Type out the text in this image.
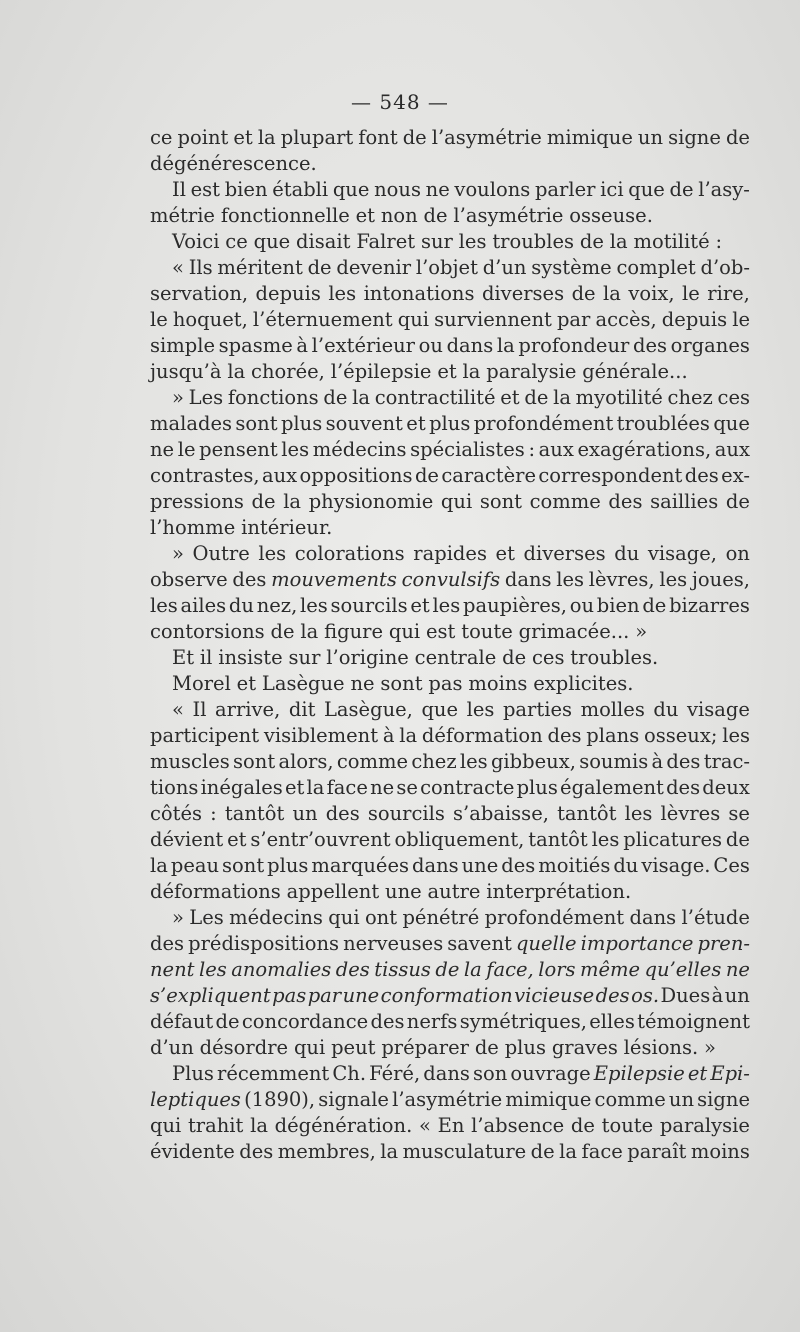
— 548 —
ce point et la plupart font de l’asymétrie mimique un signe de
dégénérescence.
Il est bien établi que nous ne voulons parler ici que de l’asy-
métrie fonctionnelle et non de l’asymétrie osseuse.
Voici ce que disait Falret sur les troubles de la motilité :
« Ils méritent de devenir l’objet d’un système complet d’ob-
servation, depuis les intonations diverses de la voix, le rire,
le hoquet, l’éternuement qui surviennent par accès, depuis le
simple spasme à l’extérieur ou dans la profondeur des organes
jusqu’à la chorée, l’épilepsie et la paralysie générale...
» Les fonctions de la contractilité et de la myotilité chez ces
malades sont plus souvent et plus profondément troublées que
ne le pensent les médecins spécialistes : aux exagérations, aux
contrastes, aux oppositions de caractère correspondent des ex-
pressions de la physionomie qui sont comme des saillies de
l’homme intérieur.
» Outre les colorations rapides et diverses du visage, on
observe des mouvements convulsifs dans les lèvres, les joues,
les ailes du nez, les sourcils et les paupières, ou bien de bizarres
contorsions de la figure qui est toute grimacée... »
Et il insiste sur l’origine centrale de ces troubles.
Morel et Lasègue ne sont pas moins explicites.
« Il arrive, dit Lasègue, que les parties molles du visage
participent visiblement à la déformation des plans osseux; les
muscles sont alors, comme chez les gibbeux, soumis à des trac-
tions inégales et la face ne se contracte plus également des deux
côtés : tantôt un des sourcils s’abaisse, tantôt les lèvres se
dévient et s’entr’ouvrent obliquement, tantôt les plicatures de
la peau sont plus marquées dans une des moitiés du visage. Ces
déformations appellent une autre interprétation.
» Les médecins qui ont pénétré profondément dans l’étude
des prédispositions nerveuses savent quelle importance pren-
nent les anomalies des tissus de la face, lors même qu’elles ne
s’expliquent pas par une conformation vicieuse des os. Dues à un
défaut de concordance des nerfs symétriques, elles témoignent
d’un désordre qui peut préparer de plus graves lésions. »
Plus récemment Ch. Féré, dans son ouvrage Epilepsie et Epi-
leptiques (1890), signale l’asymétrie mimique comme un signe
qui trahit la dégénération. « En l’absence de toute paralysie
évidente des membres, la musculature de la face paraît moins
